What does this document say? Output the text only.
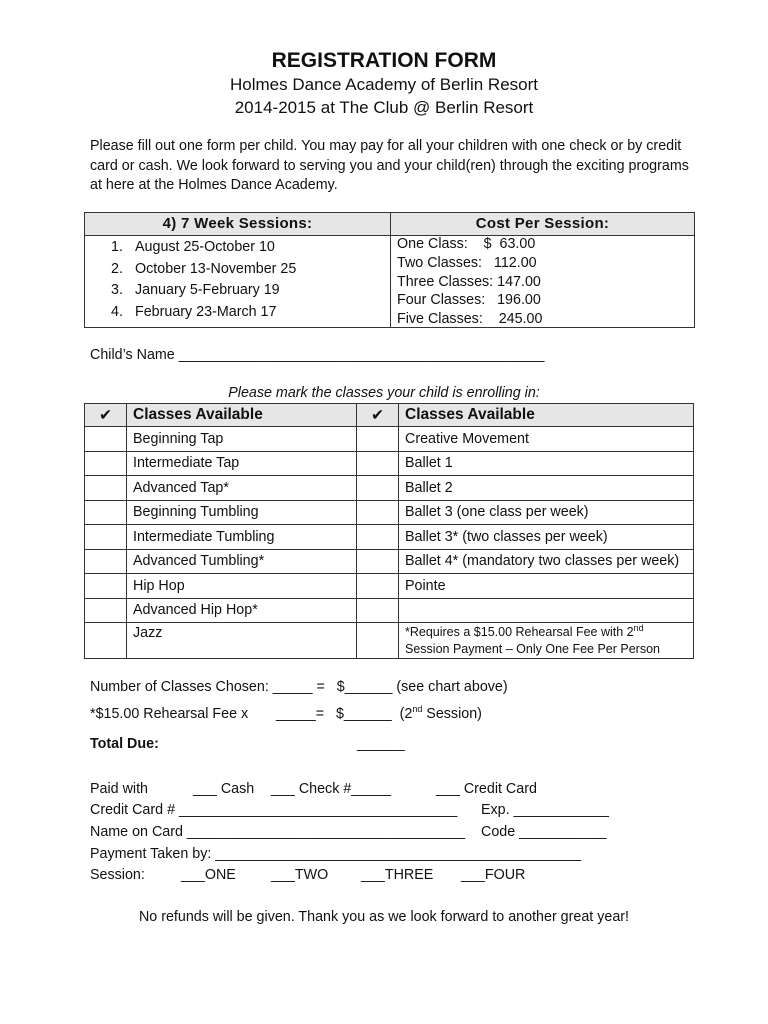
REGISTRATION FORM
Holmes Dance Academy of Berlin Resort
2014-2015 at The Club @ Berlin Resort
Please fill out one form per child. You may pay for all your children with one check or by credit card or cash. We look forward to serving you and your child(ren) through the exciting programs at here at the Holmes Dance Academy.
4) 7 Week Sessions:	Cost Per Session:
1. August 25-October 10
2. October 13-November 25
3. January 5-February 19
4. February 23-March 17
One Class:    $  63.00
Two Classes:   112.00
Three Classes: 147.00
Four Classes:   196.00
Five Classes:    245.00
Child’s Name ______________________________________________
Please mark the classes your child is enrolling in:
✔	Classes Available	✔	Classes Available
	Beginning Tap		Creative Movement
	Intermediate Tap		Ballet 1
	Advanced Tap*		Ballet 2
	Beginning Tumbling		Ballet 3 (one class per week)
	Intermediate Tumbling		Ballet 3* (two classes per week)
	Advanced Tumbling*		Ballet 4* (mandatory two classes per week)
	Hip Hop		Pointe
	Advanced Hip Hop*		
	Jazz		*Requires a $15.00 Rehearsal Fee with 2nd
Session Payment – Only One Fee Per Person
Number of Classes Chosen: _____ =   $______ (see chart above)
*$15.00 Rehearsal Fee x       _____=   $______  (2nd Session)
Total Due:	______
Paid with	___ Cash ___ Check #_____	___ Credit Card
Credit Card # ___________________________________ Exp. ____________
Name on Card ___________________________________ Code ___________
Payment Taken by: ______________________________________________
Session:	___ONE ___TWO ___THREE ___FOUR
No refunds will be given. Thank you as we look forward to another great year!
